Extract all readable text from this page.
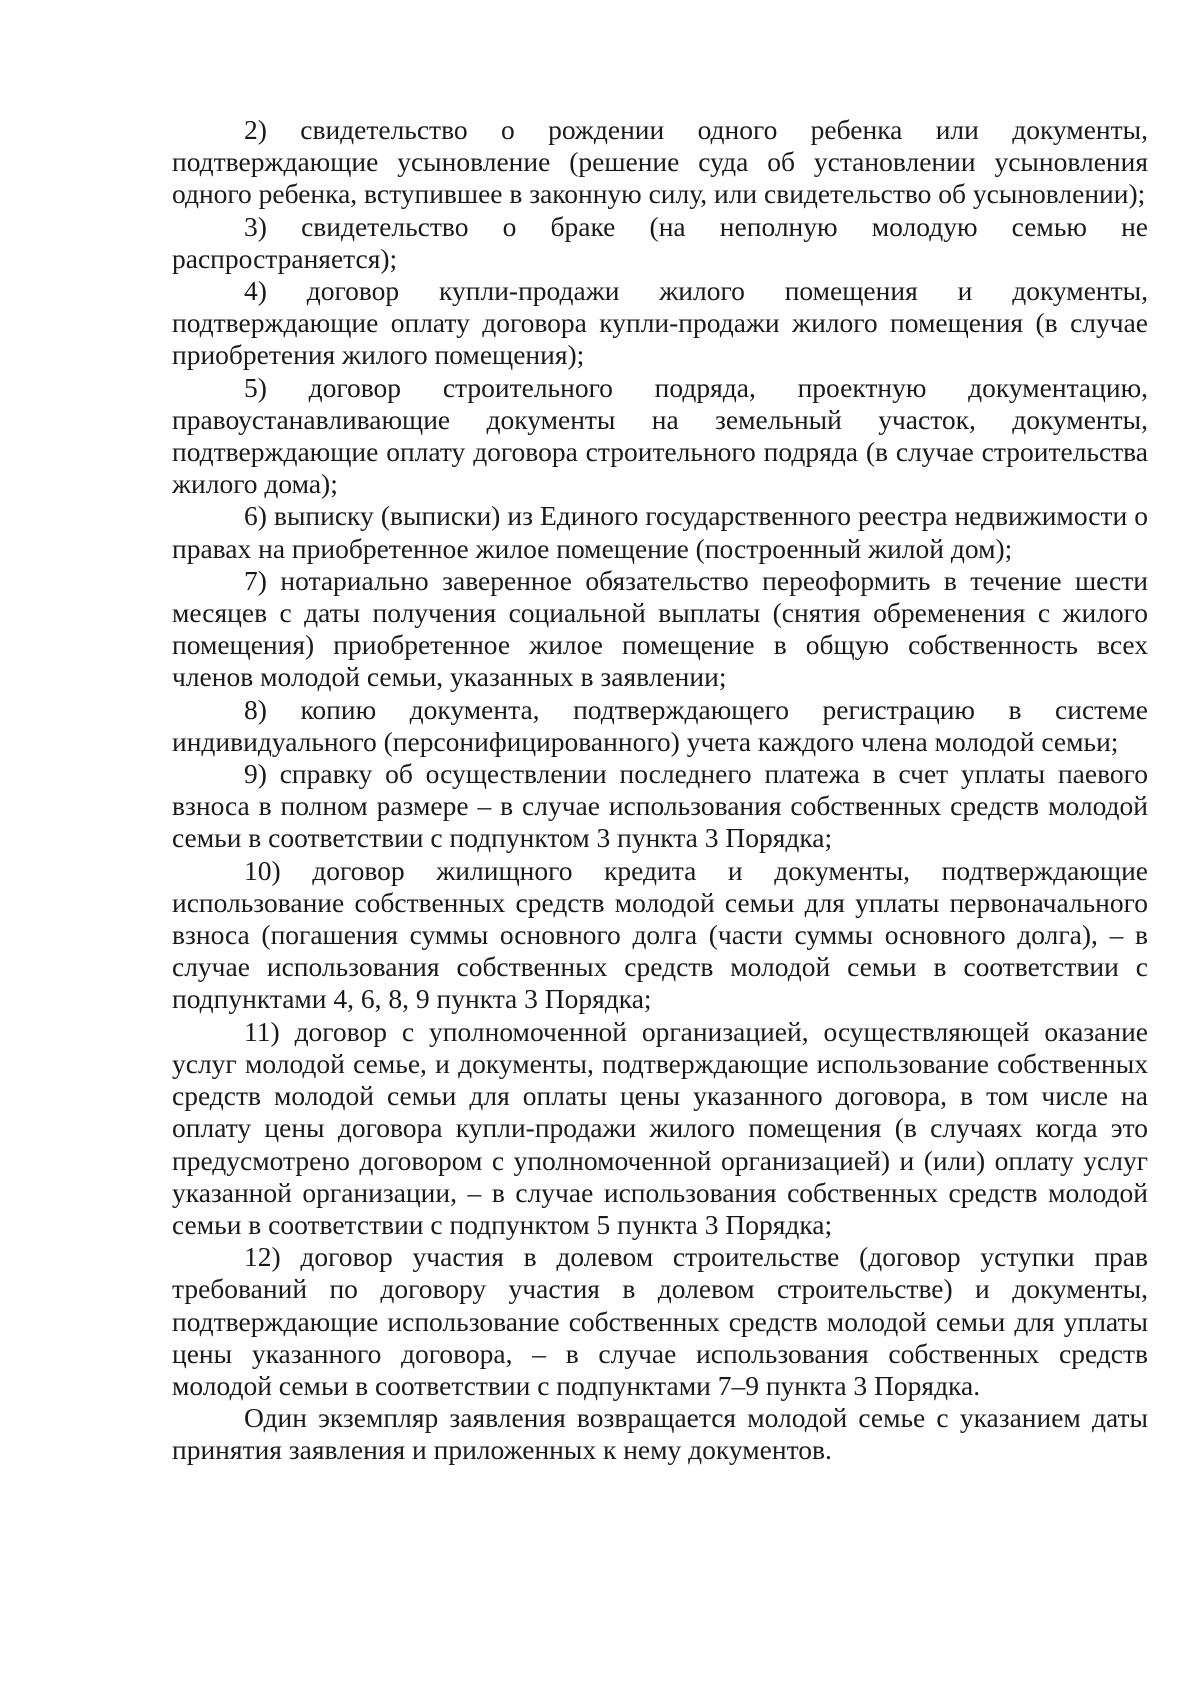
2) свидетельство о рождении одного ребенка или документы, подтверждающие усыновление (решение суда об установлении усыновления одного ребенка, вступившее в законную силу, или свидетельство об усыновлении);

3) свидетельство о браке (на неполную молодую семью не распространяется);

4) договор купли-продажи жилого помещения и документы, подтверждающие оплату договора купли-продажи жилого помещения (в случае приобретения жилого помещения);

5) договор строительного подряда, проектную документацию, правоустанавливающие документы на земельный участок, документы, подтверждающие оплату договора строительного подряда (в случае строительства жилого дома);

6) выписку (выписки) из Единого государственного реестра недвижимости о правах на приобретенное жилое помещение (построенный жилой дом);

7) нотариально заверенное обязательство переоформить в течение шести месяцев с даты получения социальной выплаты (снятия обременения с жилого помещения) приобретенное жилое помещение в общую собственность всех членов молодой семьи, указанных в заявлении;

8) копию документа, подтверждающего регистрацию в системе индивидуального (персонифицированного) учета каждого члена молодой семьи;

9) справку об осуществлении последнего платежа в счет уплаты паевого взноса в полном размере – в случае использования собственных средств молодой семьи в соответствии с подпунктом 3 пункта 3 Порядка;

10) договор жилищного кредита и документы, подтверждающие использование собственных средств молодой семьи для уплаты первоначального взноса (погашения суммы основного долга (части суммы основного долга), – в случае использования собственных средств молодой семьи в соответствии с подпунктами 4, 6, 8, 9 пункта 3 Порядка;

11) договор с уполномоченной организацией, осуществляющей оказание услуг молодой семье, и документы, подтверждающие использование собственных средств молодой семьи для оплаты цены указанного договора, в том числе на оплату цены договора купли-продажи жилого помещения (в случаях когда это предусмотрено договором с уполномоченной организацией) и (или) оплату услуг указанной организации, – в случае использования собственных средств молодой семьи в соответствии с подпунктом 5 пункта 3 Порядка;

12) договор участия в долевом строительстве (договор уступки прав требований по договору участия в долевом строительстве) и документы, подтверждающие использование собственных средств молодой семьи для уплаты цены указанного договора, – в случае использования собственных средств молодой семьи в соответствии с подпунктами 7–9 пункта 3 Порядка.

Один экземпляр заявления возвращается молодой семье с указанием даты принятия заявления и приложенных к нему документов.
